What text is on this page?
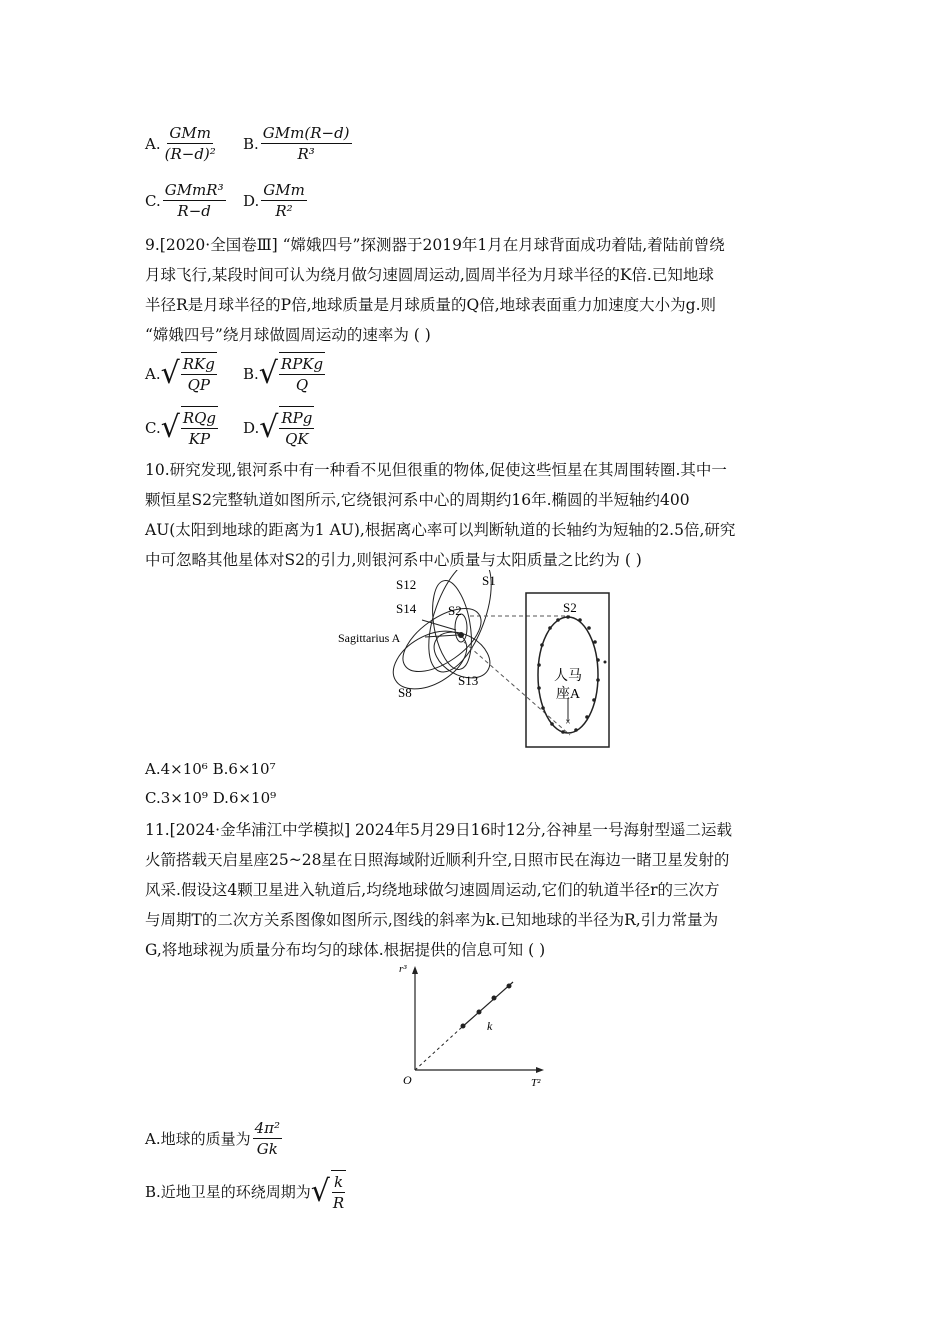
A. $\frac{\text{GMm}}{\text{(R−d)²}} B$. $\frac{\text{GMm(R−d)}}{\text{R³}}$
C. $\frac{\text{GMmR³}}{R-d} D$. $\frac{\text{GMm}}{\text{R²}}$
9.[2020·全国卷Ⅲ] “嫦娥四号”探测器于2019年1月在月球背面成功着陆,着陆前曾绕
月球飞行,某段时间可认为绕月做匀速圆周运动,圆周半径为月球半径的K倍.已知地球
半径R是月球半径的P倍,地球质量是月球质量的Q倍,地球表面重力加速度大小为g.则
“嫦娥四号”绕月球做圆周运动的速率为 ( )
A. √ $\frac{\text{RKg}}{QP} B$. √ $\frac{\text{RPKg}}{Q}$
C. √ $\frac{\text{RQg}}{KP} D$. √ $\frac{\text{RPg}}{QK}$
10.研究发现,银河系中有一种看不见但很重的物体,促使这些恒星在其周围转圈.其中一
颗恒星S2完整轨道如图所示,它绕银河系中心的周期约16年.椭圆的半短轴约400
AU(太阳到地球的距离为1 AU),根据离心率可以判断轨道的长轴约为短轴的2.5倍,研究
中可忽略其他星体对S2的引力,则银河系中心质量与太阳质量之比约为 ( )
×
S12	S1
S14 S2
Sagittarius A
S8
S13
S2
人马
座A
A.4×10⁶ B.6×10⁷
C.3×10⁹ D.6×10⁹
11.[2024·金华浦江中学模拟] 2024年5月29日16时12分,谷神星一号海射型遥二运载
火箭搭载天启星座25~28星在日照海域附近顺利升空,日照市民在海边一睹卫星发射的
风采.假设这4颗卫星进入轨道后,均绕地球做匀速圆周运动,它们的轨道半径r的三次方
与周期T的二次方关系图像如图所示,图线的斜率为k.已知地球的半径为R,引力常量为
G,将地球视为质量分布均匀的球体.根据提供的信息可知 ( )
r³
T²
O
k
A.地球的质量为 $\frac{\text{4π²}}{Gk}$
B.近地卫星的环绕周期为 √ $\frac{k}{R}$
